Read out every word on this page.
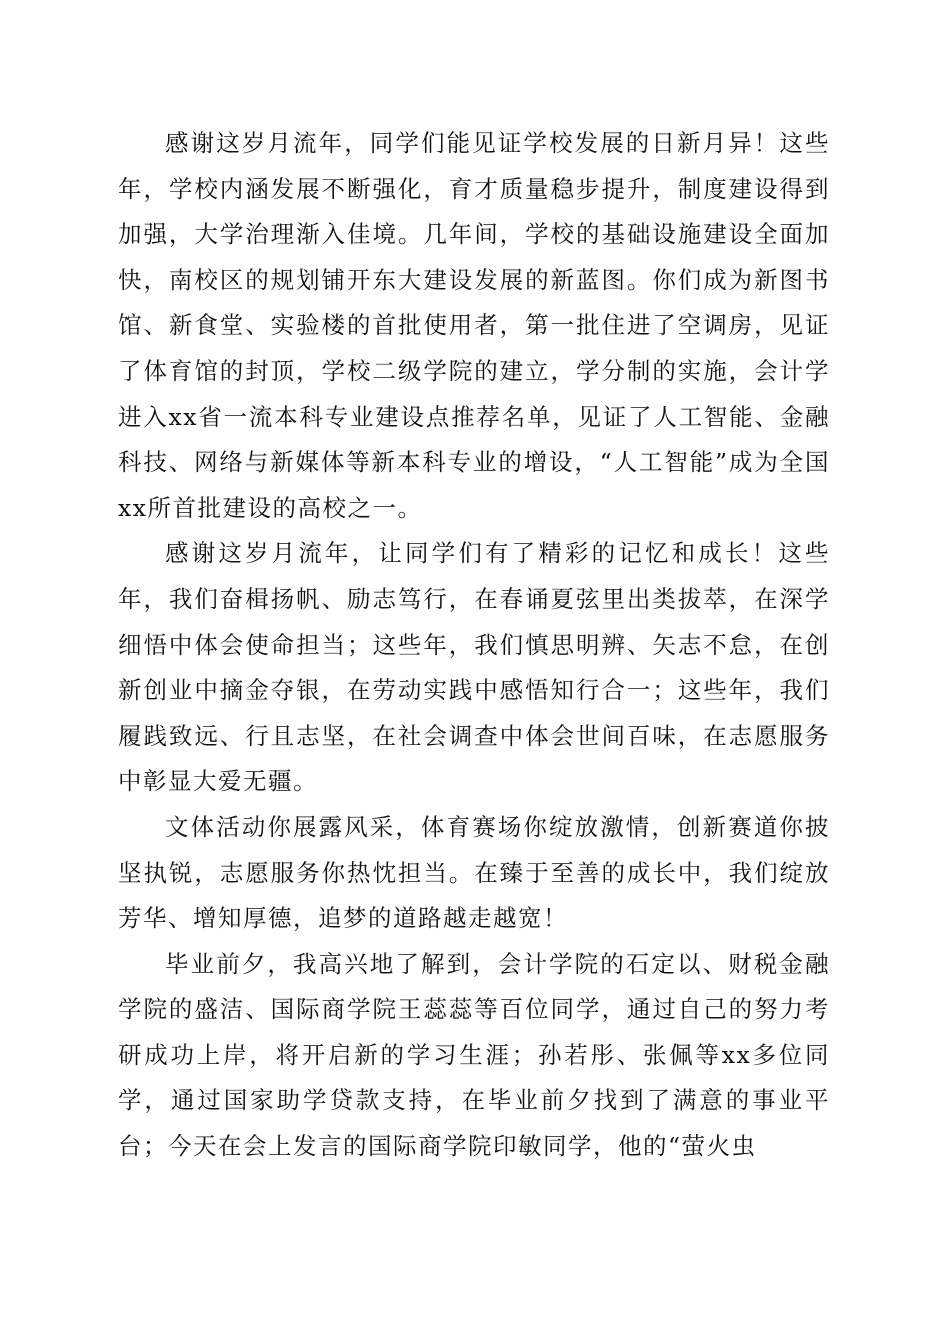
感谢这岁月流年，同学们能见证学校发展的日新月异！这些年，学校内涵发展不断强化，育才质量稳步提升，制度建设得到加强，大学治理渐入佳境。几年间，学校的基础设施建设全面加快，南校区的规划铺开东大建设发展的新蓝图。你们成为新图书馆、新食堂、实验楼的首批使用者，第一批住进了空调房，见证了体育馆的封顶，学校二级学院的建立，学分制的实施，会计学进入xx省一流本科专业建设点推荐名单，见证了人工智能、金融科技、网络与新媒体等新本科专业的增设，“人工智能”成为全国xx所首批建设的高校之一。

感谢这岁月流年，让同学们有了精彩的记忆和成长！这些年，我们奋楫扬帆、励志笃行，在春诵夏弦里出类拔萃，在深学细悟中体会使命担当；这些年，我们慎思明辨、矢志不怠，在创新创业中摘金夺银，在劳动实践中感悟知行合一；这些年，我们履践致远、行且志坚，在社会调查中体会世间百味，在志愿服务中彰显大爱无疆。

文体活动你展露风采，体育赛场你绽放激情，创新赛道你披坚执锐，志愿服务你热忱担当。在臻于至善的成长中，我们绽放芳华、增知厚德，追梦的道路越走越宽！

毕业前夕，我高兴地了解到，会计学院的石定以、财税金融学院的盛洁、国际商学院王蕊蕊等百位同学，通过自己的努力考研成功上岸，将开启新的学习生涯；孙若彤、张佩等xx多位同学，通过国家助学贷款支持，在毕业前夕找到了满意的事业平台；今天在会上发言的国际商学院印敏同学，他的“萤火虫
